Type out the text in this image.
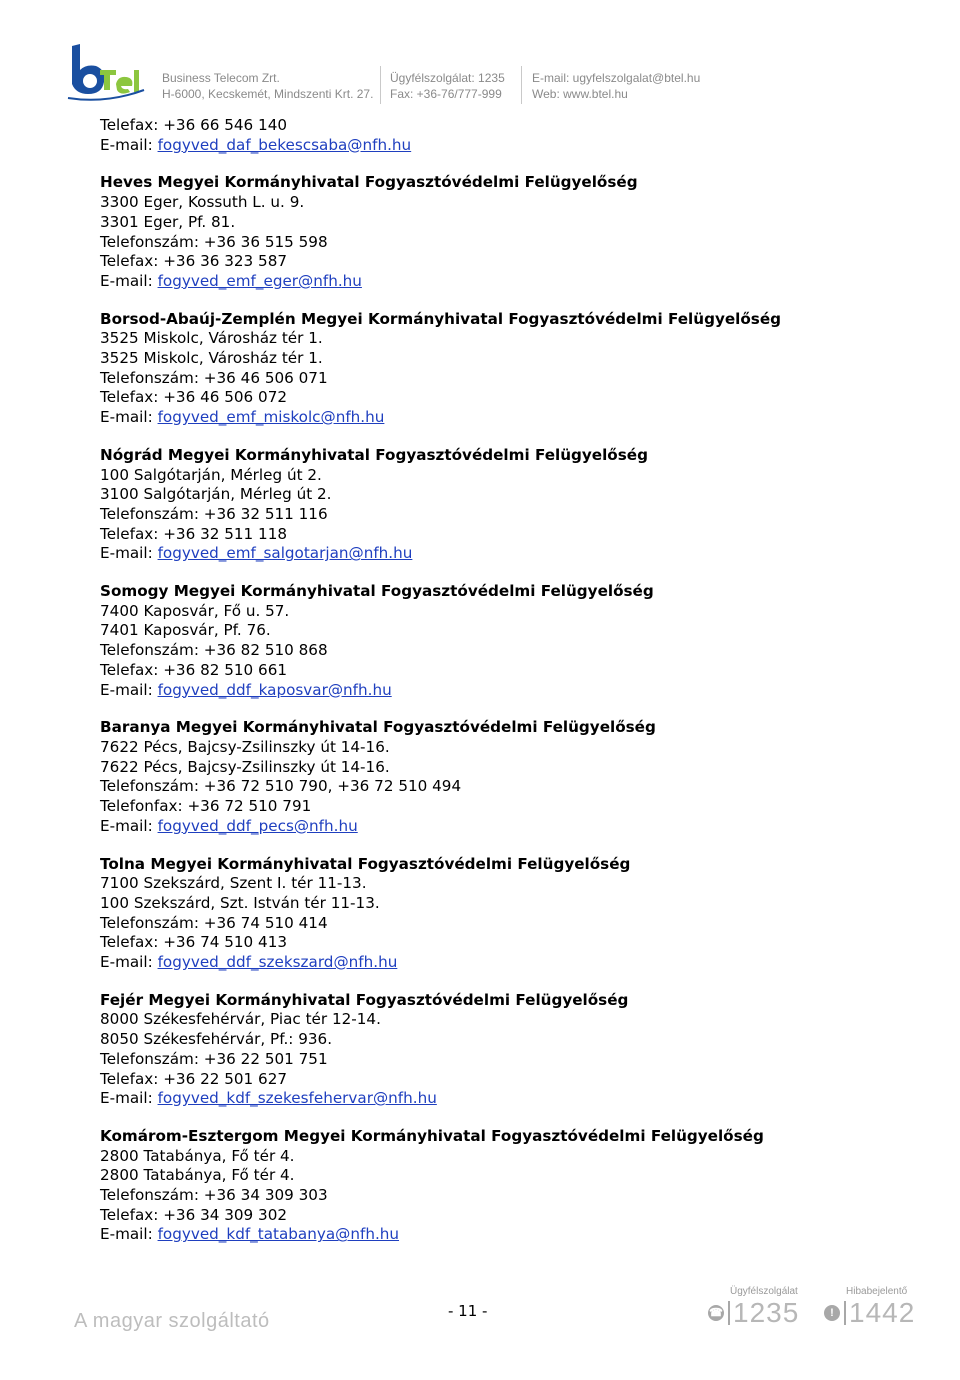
Business Telecom Zrt.
H-6000, Kecskemét, Mindszenti Krt. 27.
Ügyfélszolgálat: 1235
Fax: +36-76/777-999
E-mail: ugyfelszolgalat@btel.hu
Web: www.btel.hu
Telefax: +36 66 546 140
E-mail: fogyved_daf_bekescsaba@nfh.hu
Heves Megyei Kormányhivatal Fogyasztóvédelmi Felügyelőség
3300 Eger, Kossuth L. u. 9.
3301 Eger, Pf. 81.
Telefonszám: +36 36 515 598
Telefax: +36 36 323 587
E-mail: fogyved_emf_eger@nfh.hu
Borsod-Abaúj-Zemplén Megyei Kormányhivatal Fogyasztóvédelmi Felügyelőség
3525 Miskolc, Városház tér 1.
3525 Miskolc, Városház tér 1.
Telefonszám: +36 46 506 071
Telefax: +36 46 506 072
E-mail: fogyved_emf_miskolc@nfh.hu
Nógrád Megyei Kormányhivatal Fogyasztóvédelmi Felügyelőség
100 Salgótarján, Mérleg út 2.
3100 Salgótarján, Mérleg út 2.
Telefonszám: +36 32 511 116
Telefax: +36 32 511 118
E-mail: fogyved_emf_salgotarjan@nfh.hu
Somogy Megyei Kormányhivatal Fogyasztóvédelmi Felügyelőség
7400 Kaposvár, Fő u. 57.
7401 Kaposvár, Pf. 76.
Telefonszám: +36 82 510 868
Telefax: +36 82 510 661
E-mail: fogyved_ddf_kaposvar@nfh.hu
Baranya Megyei Kormányhivatal Fogyasztóvédelmi Felügyelőség
7622 Pécs, Bajcsy-Zsilinszky út 14-16.
7622 Pécs, Bajcsy-Zsilinszky út 14-16.
Telefonszám: +36 72 510 790, +36 72 510 494
Telefonfax: +36 72 510 791
E-mail: fogyved_ddf_pecs@nfh.hu
Tolna Megyei Kormányhivatal Fogyasztóvédelmi Felügyelőség
7100 Szekszárd, Szent I. tér 11-13.
100 Szekszárd, Szt. István tér 11-13.
Telefonszám: +36 74 510 414
Telefax: +36 74 510 413
E-mail: fogyved_ddf_szekszard@nfh.hu
Fejér Megyei Kormányhivatal Fogyasztóvédelmi Felügyelőség
8000 Székesfehérvár, Piac tér 12-14.
8050 Székesfehérvár, Pf.: 936.
Telefonszám: +36 22 501 751
Telefax: +36 22 501 627
E-mail: fogyved_kdf_szekesfehervar@nfh.hu
Komárom-Esztergom Megyei Kormányhivatal Fogyasztóvédelmi Felügyelőség
2800 Tatabánya, Fő tér 4.
2800 Tatabánya, Fő tér 4.
Telefonszám: +36 34 309 303
Telefax: +36 34 309 302
E-mail: fogyved_kdf_tatabanya@nfh.hu
A magyar szolgáltató	- 11 -
Ügyfélszolgálat
☎ 1235
Hibabejelentő
! 1442
